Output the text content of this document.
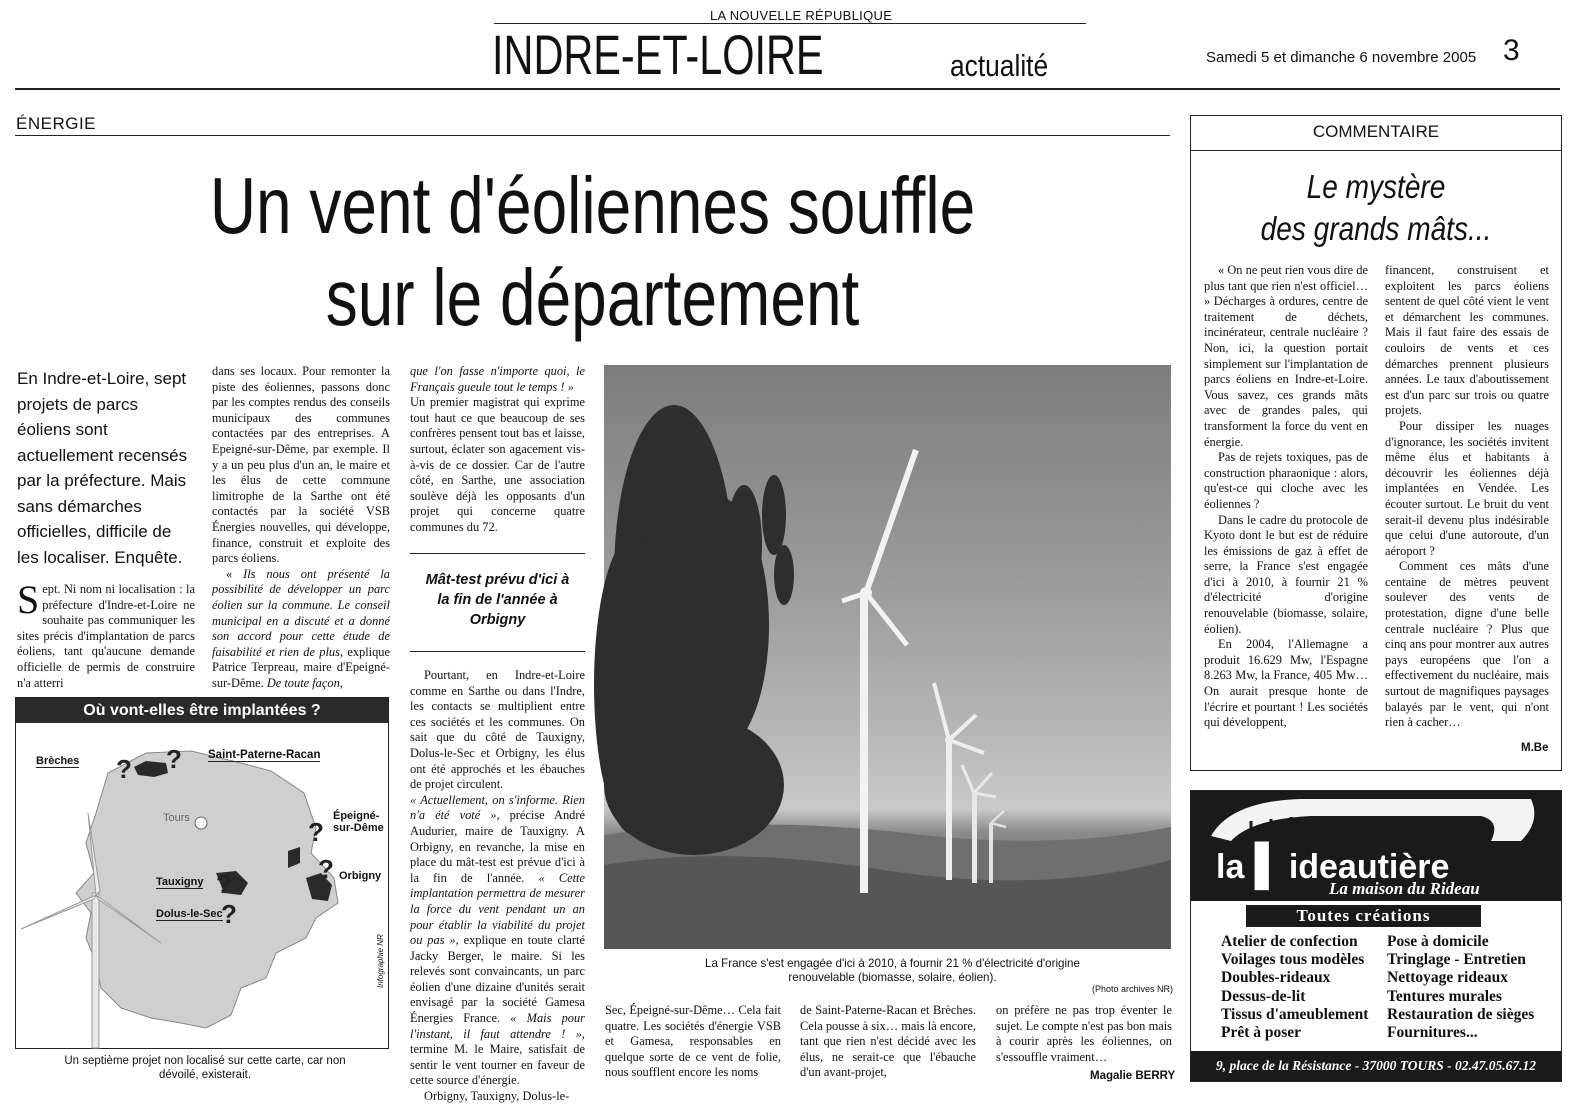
LA NOUVELLE RÉPUBLIQUE
INDRE-ET-LOIRE	actualité	Samedi 5 et dimanche 6 novembre 2005 3
ÉNERGIE
Un vent d'éoliennes souffle
sur le département
En Indre-et-Loire, sept projets de parcs éoliens sont actuellement recensés par la préfecture. Mais sans démarches officielles, difficile de les localiser. Enquête.
S ept. Ni nom ni localisation : la préfecture d'Indre-et-Loire ne souhaite pas communiquer les sites précis d'implantation de parcs éoliens, tant qu'aucune demande officielle de permis de construire n'a atterri

dans ses locaux. Pour remonter la piste des éoliennes, passons donc par les comptes rendus des conseils municipaux des communes contactées par des entreprises. A Epeigné-sur-Dême, par exemple. Il y a un peu plus d'un an, le maire et les élus de cette commune limitrophe de la Sarthe ont été contactés par la société VSB Énergies nouvelles, qui développe, finance, construit et exploite des parcs éoliens.

« Ils nous ont présenté la possibilité de développer un parc éolien sur la commune. Le conseil municipal en a discuté et a donné son accord pour cette étude de faisabilité et rien de plus, explique Patrice Terpreau, maire d'Epeigné-sur-Dême. De toute façon,

que l'on fasse n'importe quoi, le Français gueule tout le temps ! »

Un premier magistrat qui exprime tout haut ce que beaucoup de ses confrères pensent tout bas et laisse, surtout, éclater son agacement vis-à-vis de ce dossier. Car de l'autre côté, en Sarthe, une association soulève déjà les opposants d'un projet qui concerne quatre communes du 72.

Mât-test prévu d'ici à la fin de l'année à Orbigny

Pourtant, en Indre-et-Loire comme en Sarthe ou dans l'Indre, les contacts se multiplient entre ces sociétés et les communes. On sait que du côté de Tauxigny, Dolus-le-Sec et Orbigny, les élus ont été approchés et les ébauches de projet circulent.

« Actuellement, on s'informe. Rien n'a été voté », précise André Audurier, maire de Tauxigny. A Orbigny, en revanche, la mise en place du mât-test est prévue d'ici à la fin de l'année. « Cette implantation permettra de mesurer la force du vent pendant un an pour établir la viabilité du projet ou pas », explique en toute clarté Jacky Berger, le maire. Si les relevés sont convaincants, un parc éolien d'une dizaine d'unités serait envisagé par la société Gamesa Énergies France. « Mais pour l'instant, il faut attendre ! », termine M. le Maire, satisfait de sentir le vent tourner en faveur de cette source d'énergie.

Orbigny, Tauxigny, Dolus-le-

La France s'est engagée d'ici à 2010, à fournir 21 % d'électricité d'origine renouvelable (biomasse, solaire, éolien).
(Photo archives NR)
Sec, Épeigné-sur-Dême… Cela fait quatre. Les sociétés d'énergie VSB et Gamesa, responsables en quelque sorte de ce vent de folie, nous soufflent encore les noms
de Saint-Paterne-Racan et Brèches. Cela pousse à six… mais là encore, tant que rien n'est décidé avec les élus, ne serait-ce que l'ébauche d'un avant-projet,
on préfère ne pas trop éventer le sujet. Le compte n'est pas bon mais à courir après les éoliennes, on s'essouffle vraiment…
Magalie BERRY
Où vont-elles être implantées ?
? ?
?
?
?
?
Brèches	Saint-Paterne-Racan
Tours	Épeigné-sur-Dême
Orbigny
Tauxigny
Dolus-le-Sec
Infographie NR
Un septième projet non localisé sur cette carte, car non dévoilé, existerait.
COMMENTAIRE
Le mystère
des grands mâts...

« On ne peut rien vous dire de plus tant que rien n'est officiel… » Décharges à ordures, centre de traitement de déchets, incinérateur, centrale nucléaire ? Non, ici, la question portait simplement sur l'implantation de parcs éoliens en Indre-et-Loire. Vous savez, ces grands mâts avec de grandes pales, qui transforment la force du vent en énergie.

Pas de rejets toxiques, pas de construction pharaonique : alors, qu'est-ce qui cloche avec les éoliennes ?

Dans le cadre du protocole de Kyoto dont le but est de réduire les émissions de gaz à effet de serre, la France s'est engagée d'ici à 2010, à fournir 21 % d'électricité d'origine renouvelable (biomasse, solaire, éolien).

En 2004, l'Allemagne a produit 16.629 Mw, l'Espagne 8.263 Mw, la France, 405 Mw… On aurait presque honte de l'écrire et pourtant ! Les sociétés qui développent,

financent, construisent et exploitent les parcs éoliens sentent de quel côté vient le vent et démarchent les communes. Mais il faut faire des essais de couloirs de vents et ces démarches prennent plusieurs années. Le taux d'aboutissement est d'un parc sur trois ou quatre projets.

Pour dissiper les nuages d'ignorance, les sociétés invitent même élus et habitants à découvrir les éoliennes déjà implantées en Vendée. Les écouter surtout. Le bruit du vent serait-il devenu plus indésirable que celui d'une autoroute, d'un aéroport ?

Comment ces mâts d'une centaine de mètres peuvent soulever des vents de protestation, digne d'une belle centrale nucléaire ? Plus que cinq ans pour montrer aux autres pays européens que l'on a effectivement du nucléaire, mais surtout de magnifiques paysages balayés par le vent, qui n'ont rien à cacher…

M.Be
la ▌ ideautière
La maison du Rideau
Toutes créations
Atelier de confection
Voilages tous modèles
Doubles-rideaux
Dessus-de-lit
Tissus d'ameublement
Prêt à poser
Pose à domicile
Tringlage - Entretien
Nettoyage rideaux
Tentures murales
Restauration de sièges
Fournitures...
9, place de la Résistance - 37000 TOURS - 02.47.05.67.12
